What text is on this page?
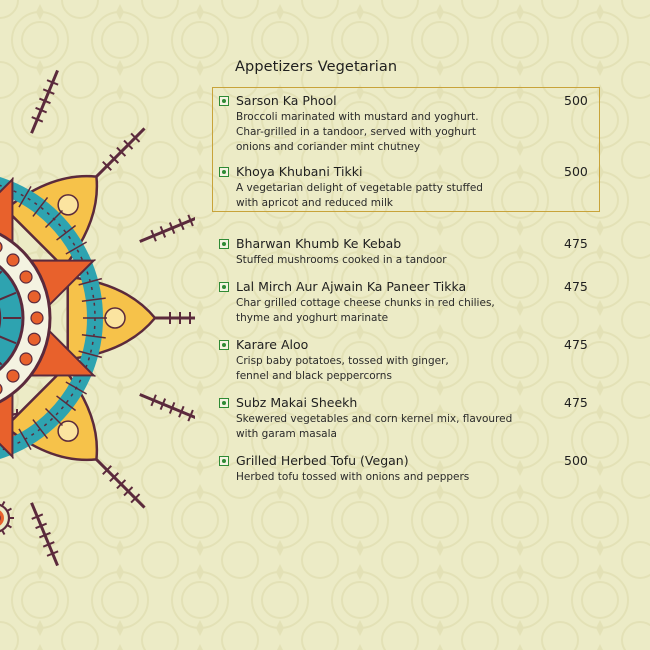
Appetizers Vegetarian
Sarson Ka Phool	500
Broccoli marinated with mustard and yoghurt.
Char-grilled in a tandoor, served with yoghurt
onions and coriander mint chutney
Khoya Khubani Tikki	500
A vegetarian delight of vegetable patty stuffed
with apricot and reduced milk
Bharwan Khumb Ke Kebab	475
Stuffed mushrooms cooked in a tandoor
Lal Mirch Aur Ajwain Ka Paneer Tikka	475
Char grilled cottage cheese chunks in red chilies,
thyme and yoghurt marinate
Karare Aloo	475
Crisp baby potatoes, tossed with ginger,
fennel and black peppercorns
Subz Makai Sheekh	475
Skewered vegetables and corn kernel mix, flavoured
with garam masala
Grilled Herbed Tofu (Vegan)	500
Herbed tofu tossed with onions and peppers
